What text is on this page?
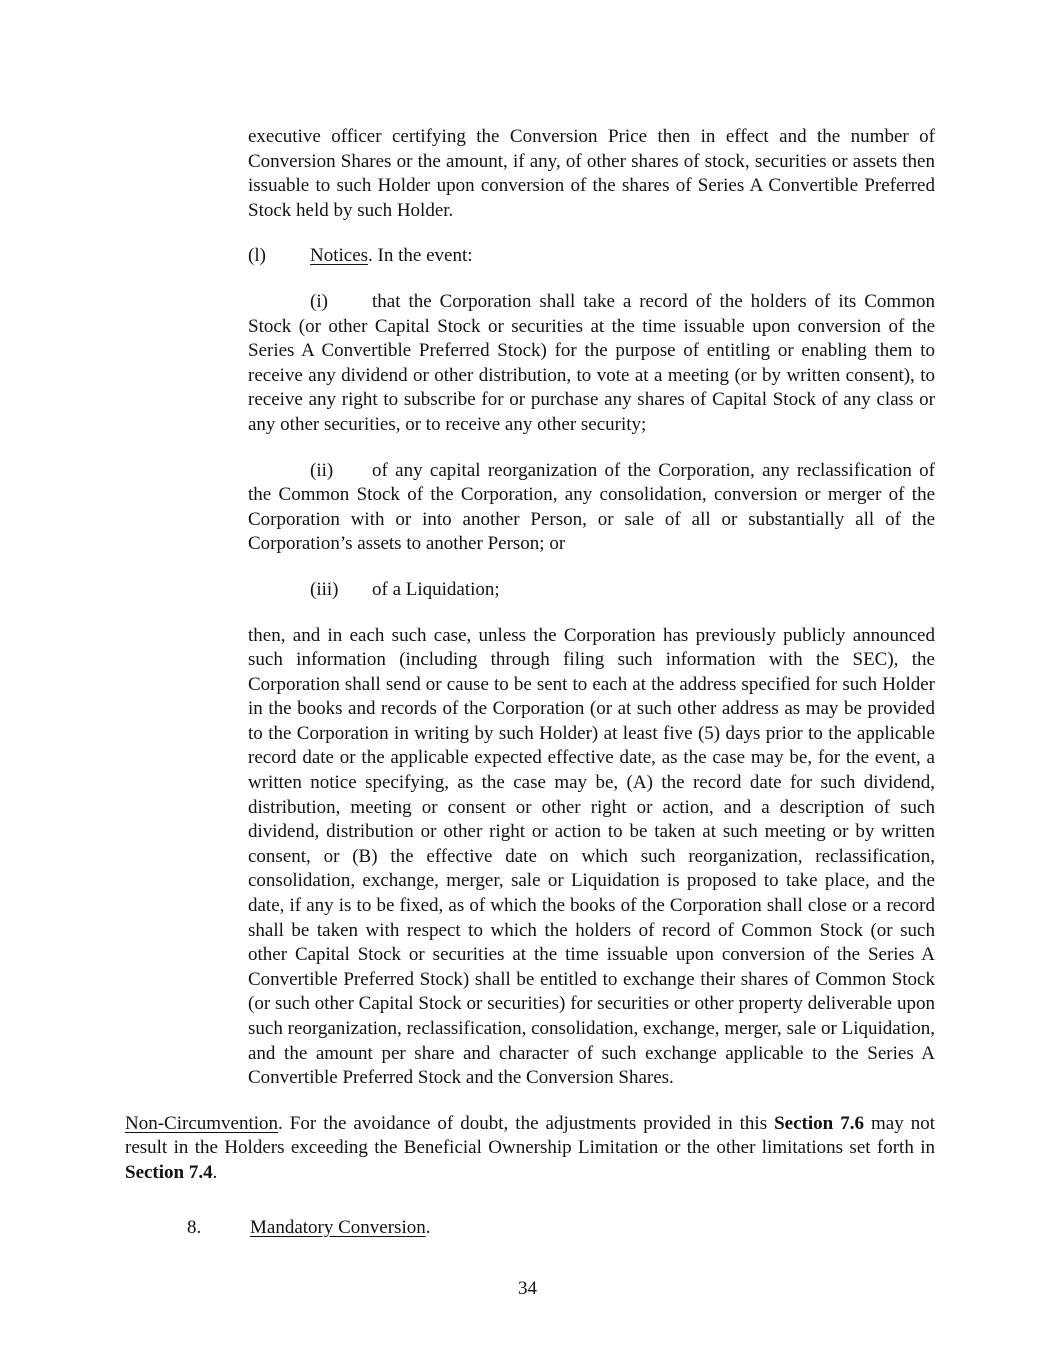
executive officer certifying the Conversion Price then in effect and the number of Conversion Shares or the amount, if any, of other shares of stock, securities or assets then issuable to such Holder upon conversion of the shares of Series A Convertible Preferred Stock held by such Holder.

(l) Notices. In the event:

(i) that the Corporation shall take a record of the holders of its Common Stock (or other Capital Stock or securities at the time issuable upon conversion of the Series A Convertible Preferred Stock) for the purpose of entitling or enabling them to receive any dividend or other distribution, to vote at a meeting (or by written consent), to receive any right to subscribe for or purchase any shares of Capital Stock of any class or any other securities, or to receive any other security;

(ii) of any capital reorganization of the Corporation, any reclassification of the Common Stock of the Corporation, any consolidation, conversion or merger of the Corporation with or into another Person, or sale of all or substantially all of the Corporation’s assets to another Person; or

(iii) of a Liquidation;

then, and in each such case, unless the Corporation has previously publicly announced such information (including through filing such information with the SEC), the Corporation shall send or cause to be sent to each at the address specified for such Holder in the books and records of the Corporation (or at such other address as may be provided to the Corporation in writing by such Holder) at least five (5) days prior to the applicable record date or the applicable expected effective date, as the case may be, for the event, a written notice specifying, as the case may be, (A) the record date for such dividend, distribution, meeting or consent or other right or action, and a description of such dividend, distribution or other right or action to be taken at such meeting or by written consent, or (B) the effective date on which such reorganization, reclassification, consolidation, exchange, merger, sale or Liquidation is proposed to take place, and the date, if any is to be fixed, as of which the books of the Corporation shall close or a record shall be taken with respect to which the holders of record of Common Stock (or such other Capital Stock or securities at the time issuable upon conversion of the Series A Convertible Preferred Stock) shall be entitled to exchange their shares of Common Stock (or such other Capital Stock or securities) for securities or other property deliverable upon such reorganization, reclassification, consolidation, exchange, merger, sale or Liquidation, and the amount per share and character of such exchange applicable to the Series A Convertible Preferred Stock and the Conversion Shares.

Non-Circumvention. For the avoidance of doubt, the adjustments provided in this Section 7.6 may not result in the Holders exceeding the Beneficial Ownership Limitation or the other limitations set forth in Section 7.4.

8.	Mandatory Conversion.

34
